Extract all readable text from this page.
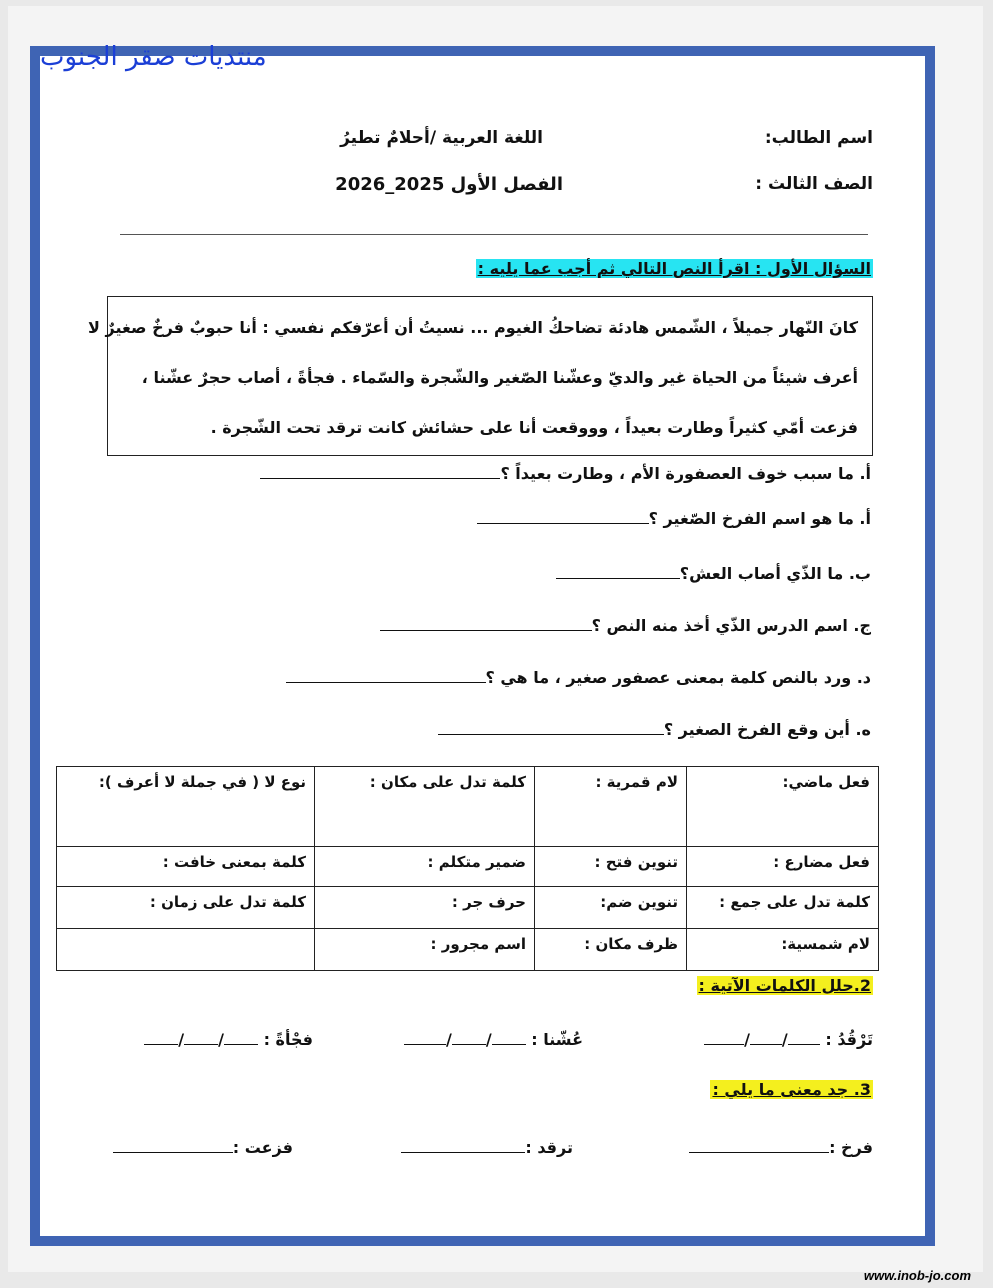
منتديات صقر الجنوب
اسم الطالب:
اللغة العربية /أحلامٌ تطيرُ
الصف الثالث :
الفصل الأول 2025_2026
السؤال الأول : اقرأ النص التالي ثم أجب عما يليه :

كانَ النّهار جميلاً ، الشّمس هادئة تضاحكُ الغيوم ... نسيتُ أن أعرّفكم نفسي : أنا حبوبٌ فرخٌ صغيرٌ لا

أعرف شيئاً من الحياة غير والديّ وعشّنا الصّغير والشّجرة والسّماء . فجأةً ، أصاب حجرٌ عشّنا ،

فزعت أمّي كثيراً وطارت بعيداً ، وووقعت أنا على حشائش كانت ترقد تحت الشّجرة .

أ. ما سبب خوف العصفورة الأم ، وطارت بعيداً ؟
أ. ما هو اسم الفرخ الصّغير ؟
ب. ما الذّي أصاب العش؟
ج. اسم الدرس الذّي أخذ منه النص ؟
د. ورد بالنص كلمة بمعنى عصفور صغير ، ما هي ؟
ه. أين وقع الفرخ الصغير ؟
فعل ماضي:	لام قمرية :	كلمة تدل على مكان :	نوع لا ( في جملة لا أعرف ):
فعل مضارع :	تنوين فتح :	ضمير متكلم :	كلمة بمعنى خافت :
كلمة تدل على جمع :	تنوين ضم:	حرف جر :	كلمة تدل على زمان :
لام شمسية:	ظرف مكان :	اسم مجرور :	
2.حلل الكلمات الآتية :
تَرْقُدُ : //
عُشّنا : //
فجْأةً : //
3. جد معنى ما يلي :
فرخ :
ترقد :
فزعت :
www.inob-jo.com
